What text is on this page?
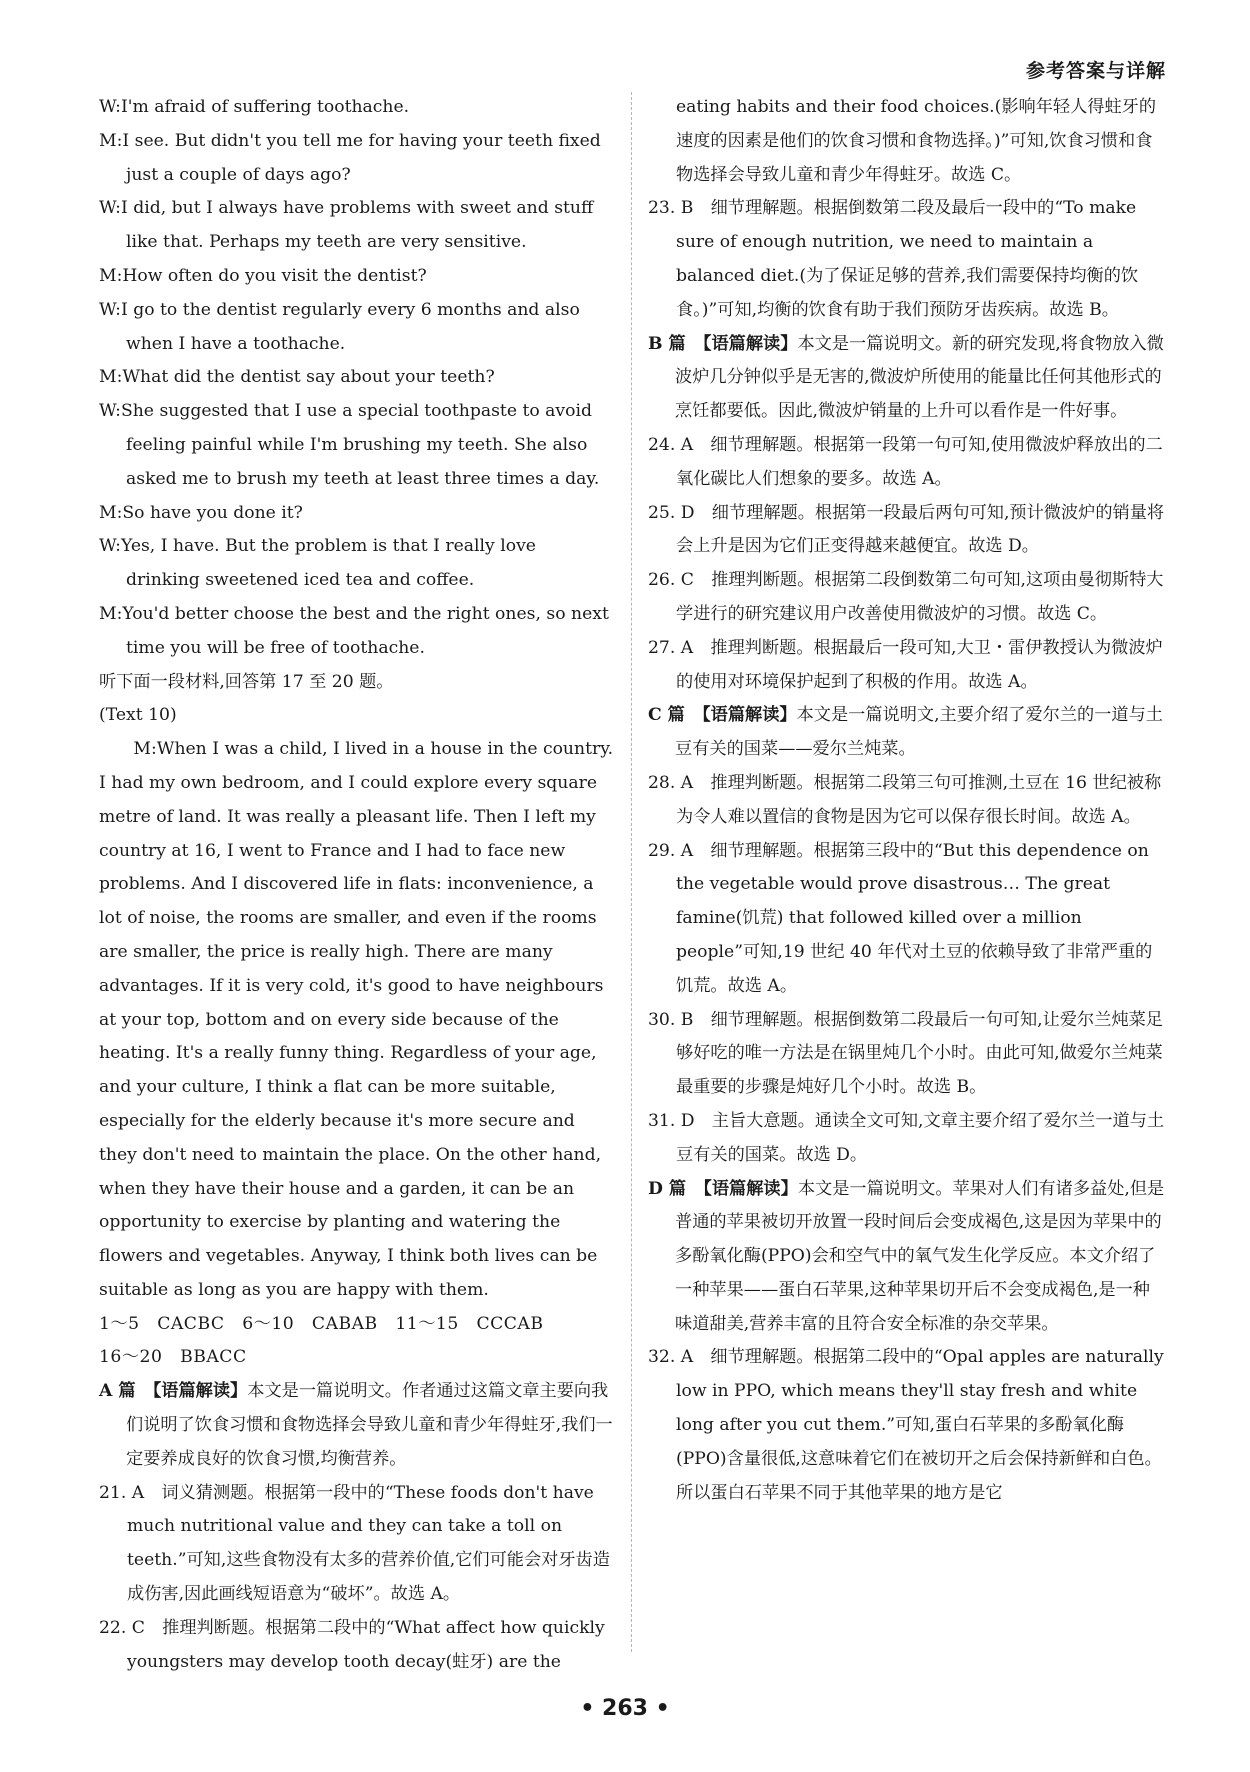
参考答案与详解

W:I'm afraid of suffering toothache.

M:I see. But didn't you tell me for having your teeth fixed just a couple of days ago?

W:I did, but I always have problems with sweet and stuff like that. Perhaps my teeth are very sensitive.

M:How often do you visit the dentist?

W:I go to the dentist regularly every 6 months and also when I have a toothache.

M:What did the dentist say about your teeth?

W:She suggested that I use a special toothpaste to avoid feeling painful while I'm brushing my teeth. She also asked me to brush my teeth at least three times a day.

M:So have you done it?

W:Yes, I have. But the problem is that I really love drinking sweetened iced tea and coffee.

M:You'd better choose the best and the right ones, so next time you will be free of toothache.

听下面一段材料,回答第 17 至 20 题。

(Text 10)

M:When I was a child, I lived in a house in the country. I had my own bedroom, and I could explore every square metre of land. It was really a pleasant life. Then I left my country at 16, I went to France and I had to face new problems. And I discovered life in flats: inconvenience, a lot of noise, the rooms are smaller, and even if the rooms are smaller, the price is really high. There are many advantages. If it is very cold, it's good to have neighbours at your top, bottom and on every side because of the heating. It's a really funny thing. Regardless of your age, and your culture, I think a flat can be more suitable, especially for the elderly because it's more secure and they don't need to maintain the place. On the other hand, when they have their house and a garden, it can be an opportunity to exercise by planting and watering the flowers and vegetables. Anyway, I think both lives can be suitable as long as you are happy with them.

1～5　CACBC　6～10　CABAB　11～15　CCCAB

16～20　BBACC

A 篇　 【语篇解读】本文是一篇说明文。作者通过这篇文章主要向我们说明了饮食习惯和食物选择会导致儿童和青少年得蛀牙,我们一定要养成良好的饮食习惯,均衡营养。

21. A　词义猜测题。根据第一段中的“These foods don't have much nutritional value and they can take a toll on teeth.”可知,这些食物没有太多的营养价值,它们可能会对牙齿造成伤害,因此画线短语意为“破坏”。故选 A。

22. C　推理判断题。根据第二段中的“What affect how quickly youngsters may develop tooth decay(蛀牙) are the

eating habits and their food choices.(影响年轻人得蛀牙的速度的因素是他们的饮食习惯和食物选择。)”可知,饮食习惯和食物选择会导致儿童和青少年得蛀牙。故选 C。

23. B　细节理解题。根据倒数第二段及最后一段中的“To make sure of enough nutrition, we need to maintain a balanced diet.(为了保证足够的营养,我们需要保持均衡的饮食。)”可知,均衡的饮食有助于我们预防牙齿疾病。故选 B。

B 篇　 【语篇解读】本文是一篇说明文。新的研究发现,将食物放入微波炉几分钟似乎是无害的,微波炉所使用的能量比任何其他形式的烹饪都要低。因此,微波炉销量的上升可以看作是一件好事。

24. A　细节理解题。根据第一段第一句可知,使用微波炉释放出的二氧化碳比人们想象的要多。故选 A。

25. D　细节理解题。根据第一段最后两句可知,预计微波炉的销量将会上升是因为它们正变得越来越便宜。故选 D。

26. C　推理判断题。根据第二段倒数第二句可知,这项由曼彻斯特大学进行的研究建议用户改善使用微波炉的习惯。故选 C。

27. A　推理判断题。根据最后一段可知,大卫・雷伊教授认为微波炉的使用对环境保护起到了积极的作用。故选 A。

C 篇　 【语篇解读】本文是一篇说明文,主要介绍了爱尔兰的一道与土豆有关的国菜——爱尔兰炖菜。

28. A　推理判断题。根据第二段第三句可推测,土豆在 16 世纪被称为令人难以置信的食物是因为它可以保存很长时间。故选 A。

29. A　细节理解题。根据第三段中的“But this dependence on the vegetable would prove disastrous… The great famine(饥荒) that followed killed over a million people”可知,19 世纪 40 年代对土豆的依赖导致了非常严重的饥荒。故选 A。

30. B　细节理解题。根据倒数第二段最后一句可知,让爱尔兰炖菜足够好吃的唯一方法是在锅里炖几个小时。由此可知,做爱尔兰炖菜最重要的步骤是炖好几个小时。故选 B。

31. D　主旨大意题。通读全文可知,文章主要介绍了爱尔兰一道与土豆有关的国菜。故选 D。

D 篇　 【语篇解读】本文是一篇说明文。苹果对人们有诸多益处,但是普通的苹果被切开放置一段时间后会变成褐色,这是因为苹果中的多酚氧化酶(PPO)会和空气中的氧气发生化学反应。本文介绍了一种苹果——蛋白石苹果,这种苹果切开后不会变成褐色,是一种味道甜美,营养丰富的且符合安全标准的杂交苹果。

32. A　细节理解题。根据第二段中的“Opal apples are naturally low in PPO, which means they'll stay fresh and white long after you cut them.”可知,蛋白石苹果的多酚氧化酶(PPO)含量很低,这意味着它们在被切开之后会保持新鲜和白色。所以蛋白石苹果不同于其他苹果的地方是它

• 263 •
